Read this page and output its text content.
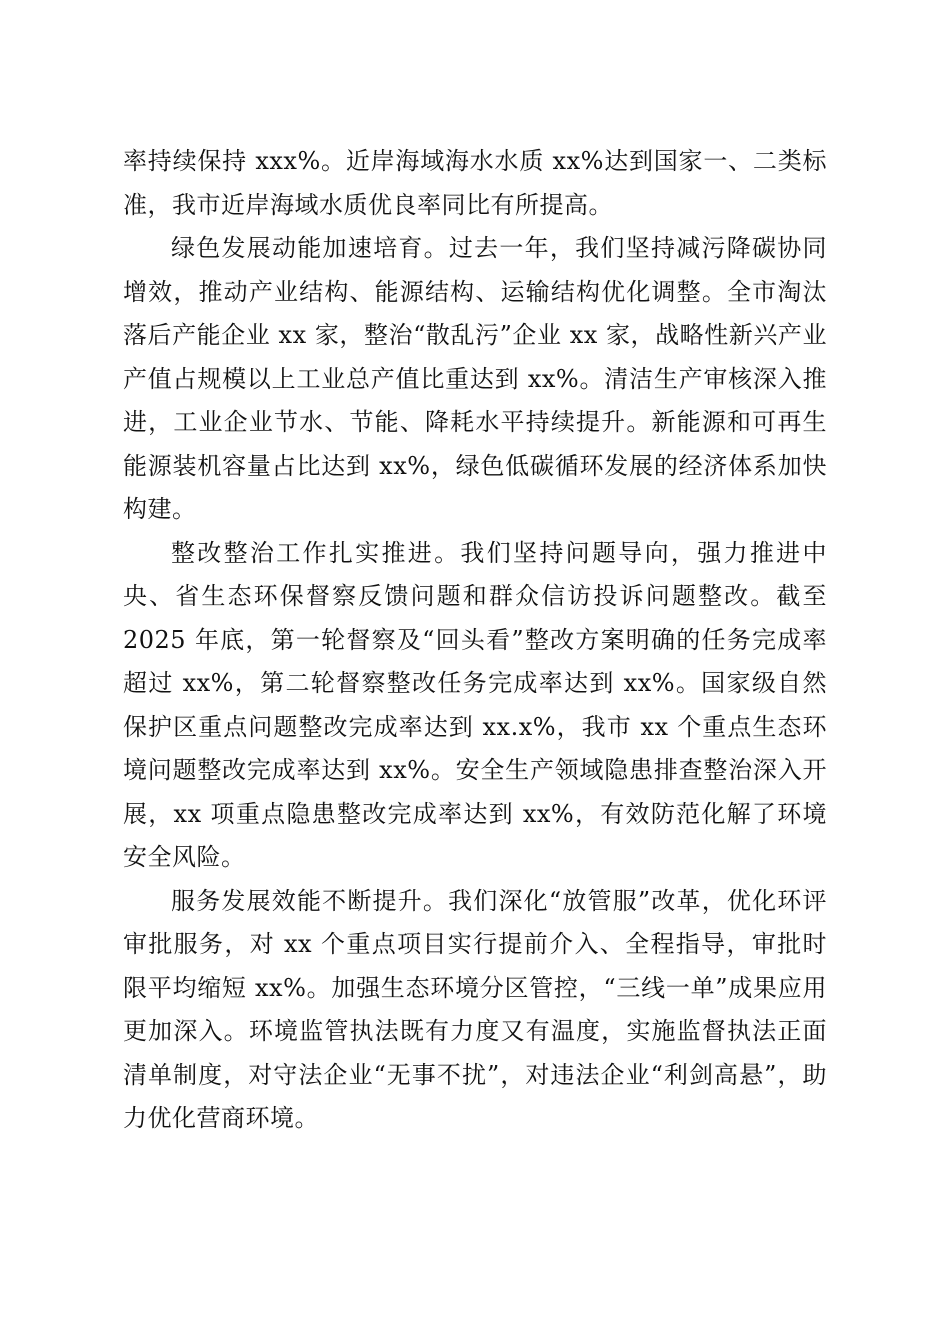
率持续保持 xxx%。近岸海域海水水质 xx%达到国家一、二类标准，我市近岸海域水质优良率同比有所提高。

绿色发展动能加速培育。过去一年，我们坚持减污降碳协同增效，推动产业结构、能源结构、运输结构优化调整。全市淘汰落后产能企业 xx 家，整治“散乱污”企业 xx 家，战略性新兴产业产值占规模以上工业总产值比重达到 xx%。清洁生产审核深入推进，工业企业节水、节能、降耗水平持续提升。新能源和可再生能源装机容量占比达到 xx%，绿色低碳循环发展的经济体系加快构建。

整改整治工作扎实推进。我们坚持问题导向，强力推进中央、省生态环保督察反馈问题和群众信访投诉问题整改。截至 2025 年底，第一轮督察及“回头看”整改方案明确的任务完成率超过 xx%，第二轮督察整改任务完成率达到 xx%。国家级自然保护区重点问题整改完成率达到 xx.x%，我市 xx 个重点生态环境问题整改完成率达到 xx%。安全生产领域隐患排查整治深入开展，xx 项重点隐患整改完成率达到 xx%，有效防范化解了环境安全风险。

服务发展效能不断提升。我们深化“放管服”改革，优化环评审批服务，对 xx 个重点项目实行提前介入、全程指导，审批时限平均缩短 xx%。加强生态环境分区管控，“三线一单”成果应用更加深入。环境监管执法既有力度又有温度，实施监督执法正面清单制度，对守法企业“无事不扰”，对违法企业“利剑高悬”，助力优化营商环境。
